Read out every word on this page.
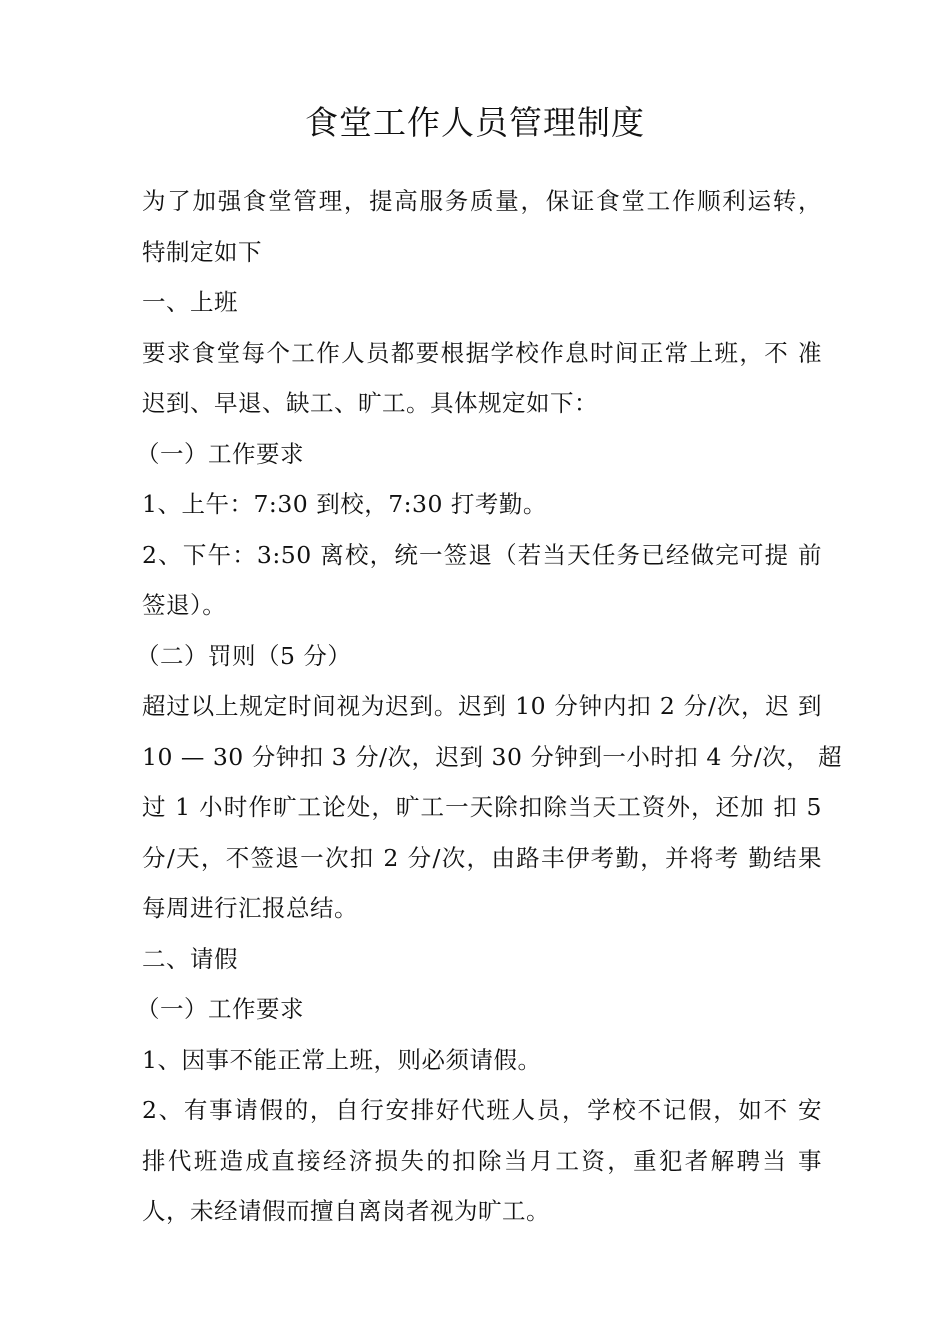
食堂工作人员管理制度
为了加强食堂管理，提高服务质量，保证食堂工作顺利运转，
特制定如下
一、上班
要求食堂每个工作人员都要根据学校作息时间正常上班，不 准
迟到、早退、缺工、旷工。具体规定如下：
（一）工作要求
1、上午：7:30 到校，7:30 打考勤。
2、下午：3:50 离校，统一签退（若当天任务已经做完可提 前
签退）。
（二）罚则（5 分）
超过以上规定时间视为迟到。迟到 10 分钟内扣 2 分/次，迟 到
10 — 30 分钟扣 3 分/次，迟到 30 分钟到一小时扣 4 分/次， 超
过 1 小时作旷工论处，旷工一天除扣除当天工资外，还加 扣 5
分/天，不签退一次扣 2 分/次，由路丰伊考勤，并将考 勤结果
每周进行汇报总结。
二、请假
（一）工作要求
1、因事不能正常上班，则必须请假。
2、有事请假的，自行安排好代班人员，学校不记假，如不 安
排代班造成直接经济损失的扣除当月工资，重犯者解聘当 事
人，未经请假而擅自离岗者视为旷工。
